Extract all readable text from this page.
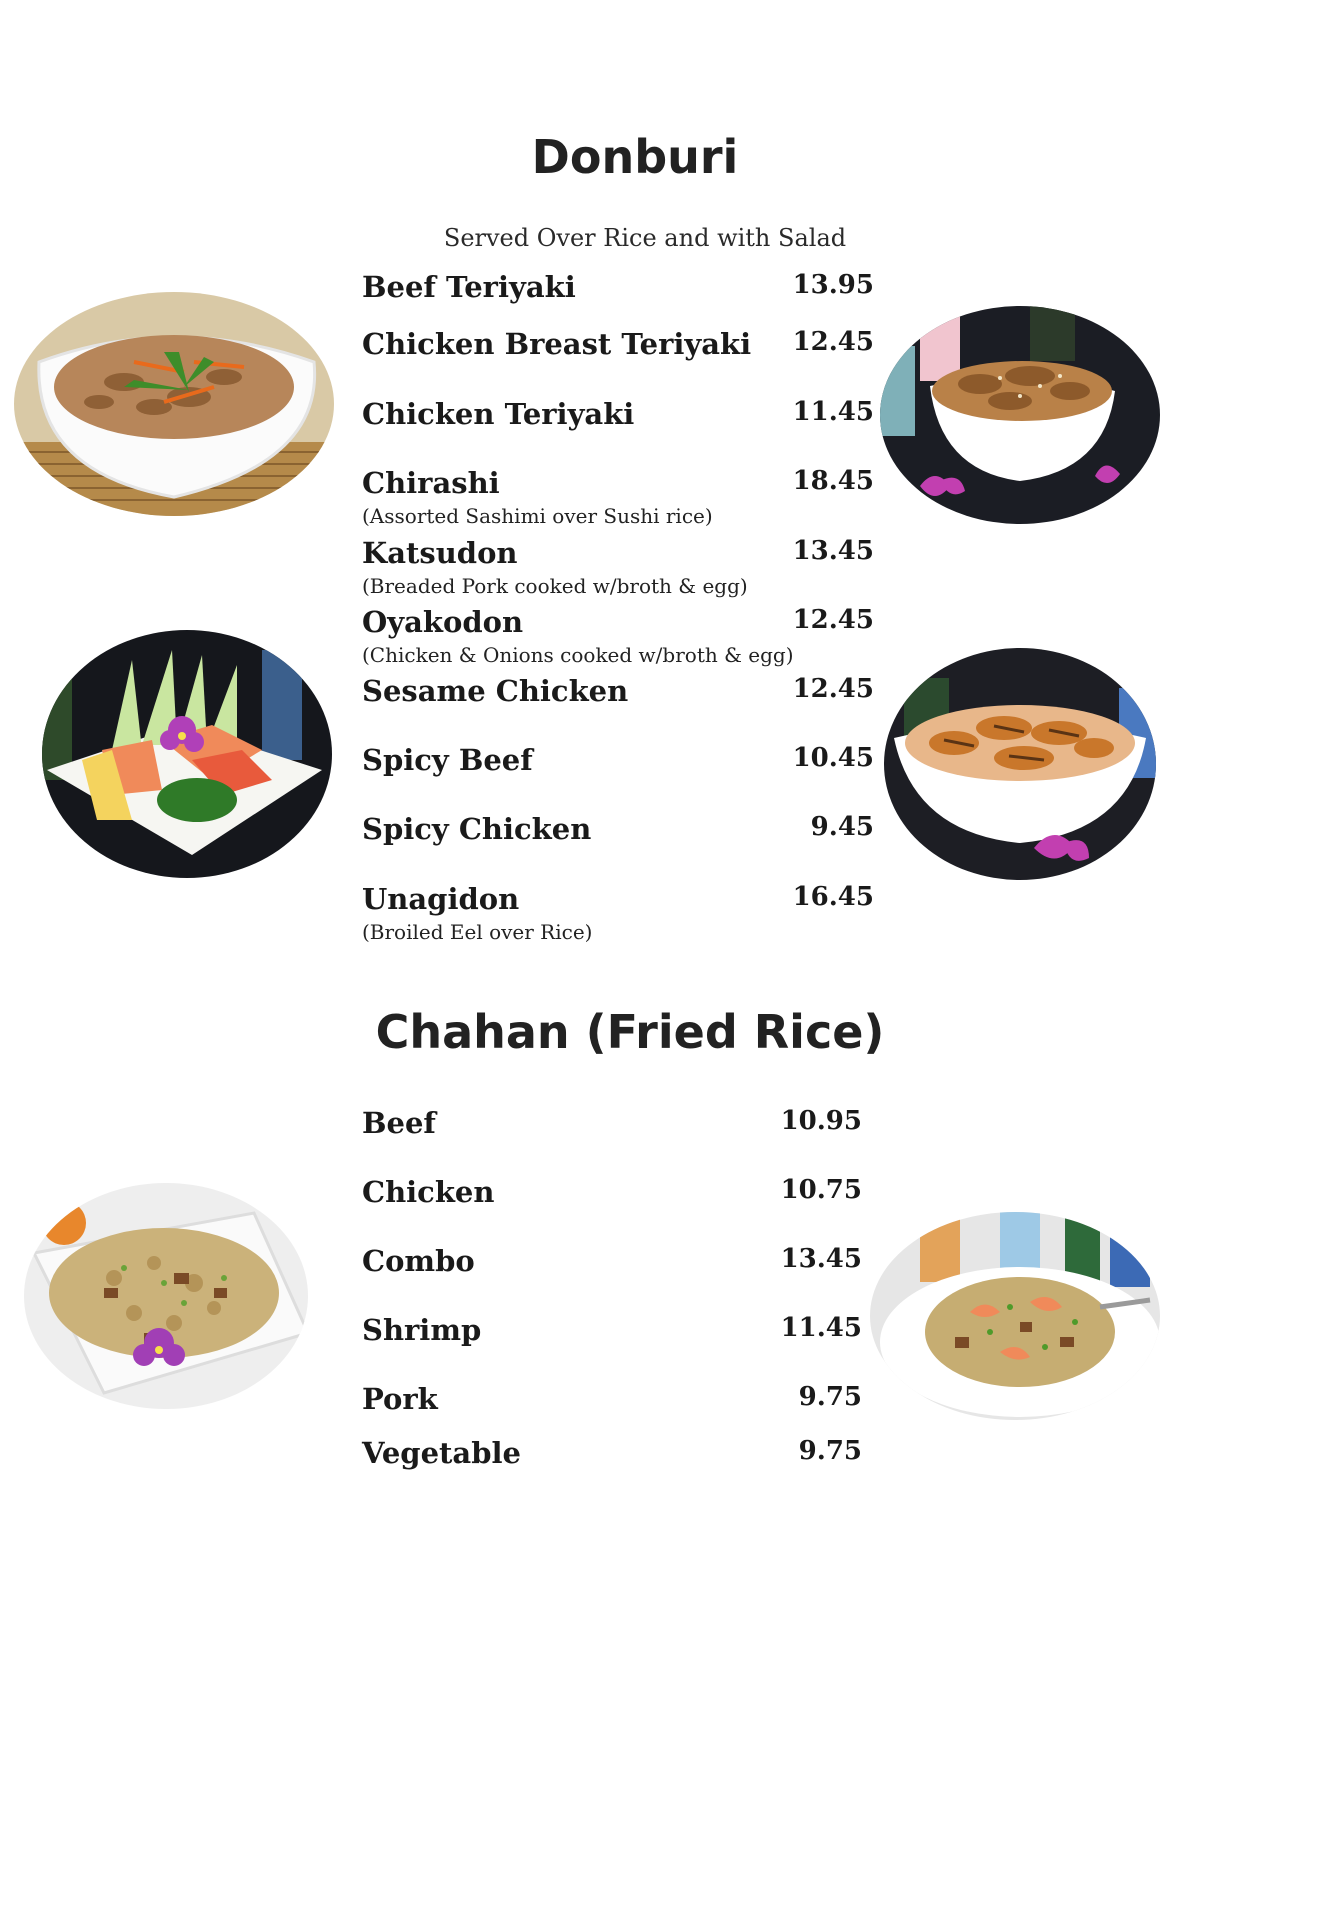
Donburi
Served Over Rice and with Salad
Beef Teriyaki	13.95
Chicken Breast Teriyaki 12.45
Chicken Teriyaki	11.45
Chirashi	18.45
(Assorted Sashimi over Sushi rice)
Katsudon	13.45
(Breaded Pork cooked w/broth & egg)
Oyakodon	12.45
(Chicken & Onions cooked w/broth & egg)
Sesame Chicken	12.45
Spicy Beef	10.45
Spicy Chicken	9.45
Unagidon	16.45
(Broiled Eel over Rice)
Chahan (Fried Rice)
Beef	10.95
Chicken	10.75
Combo	13.45
Shrimp	11.45
Pork	9.75
Vegetable	9.75
